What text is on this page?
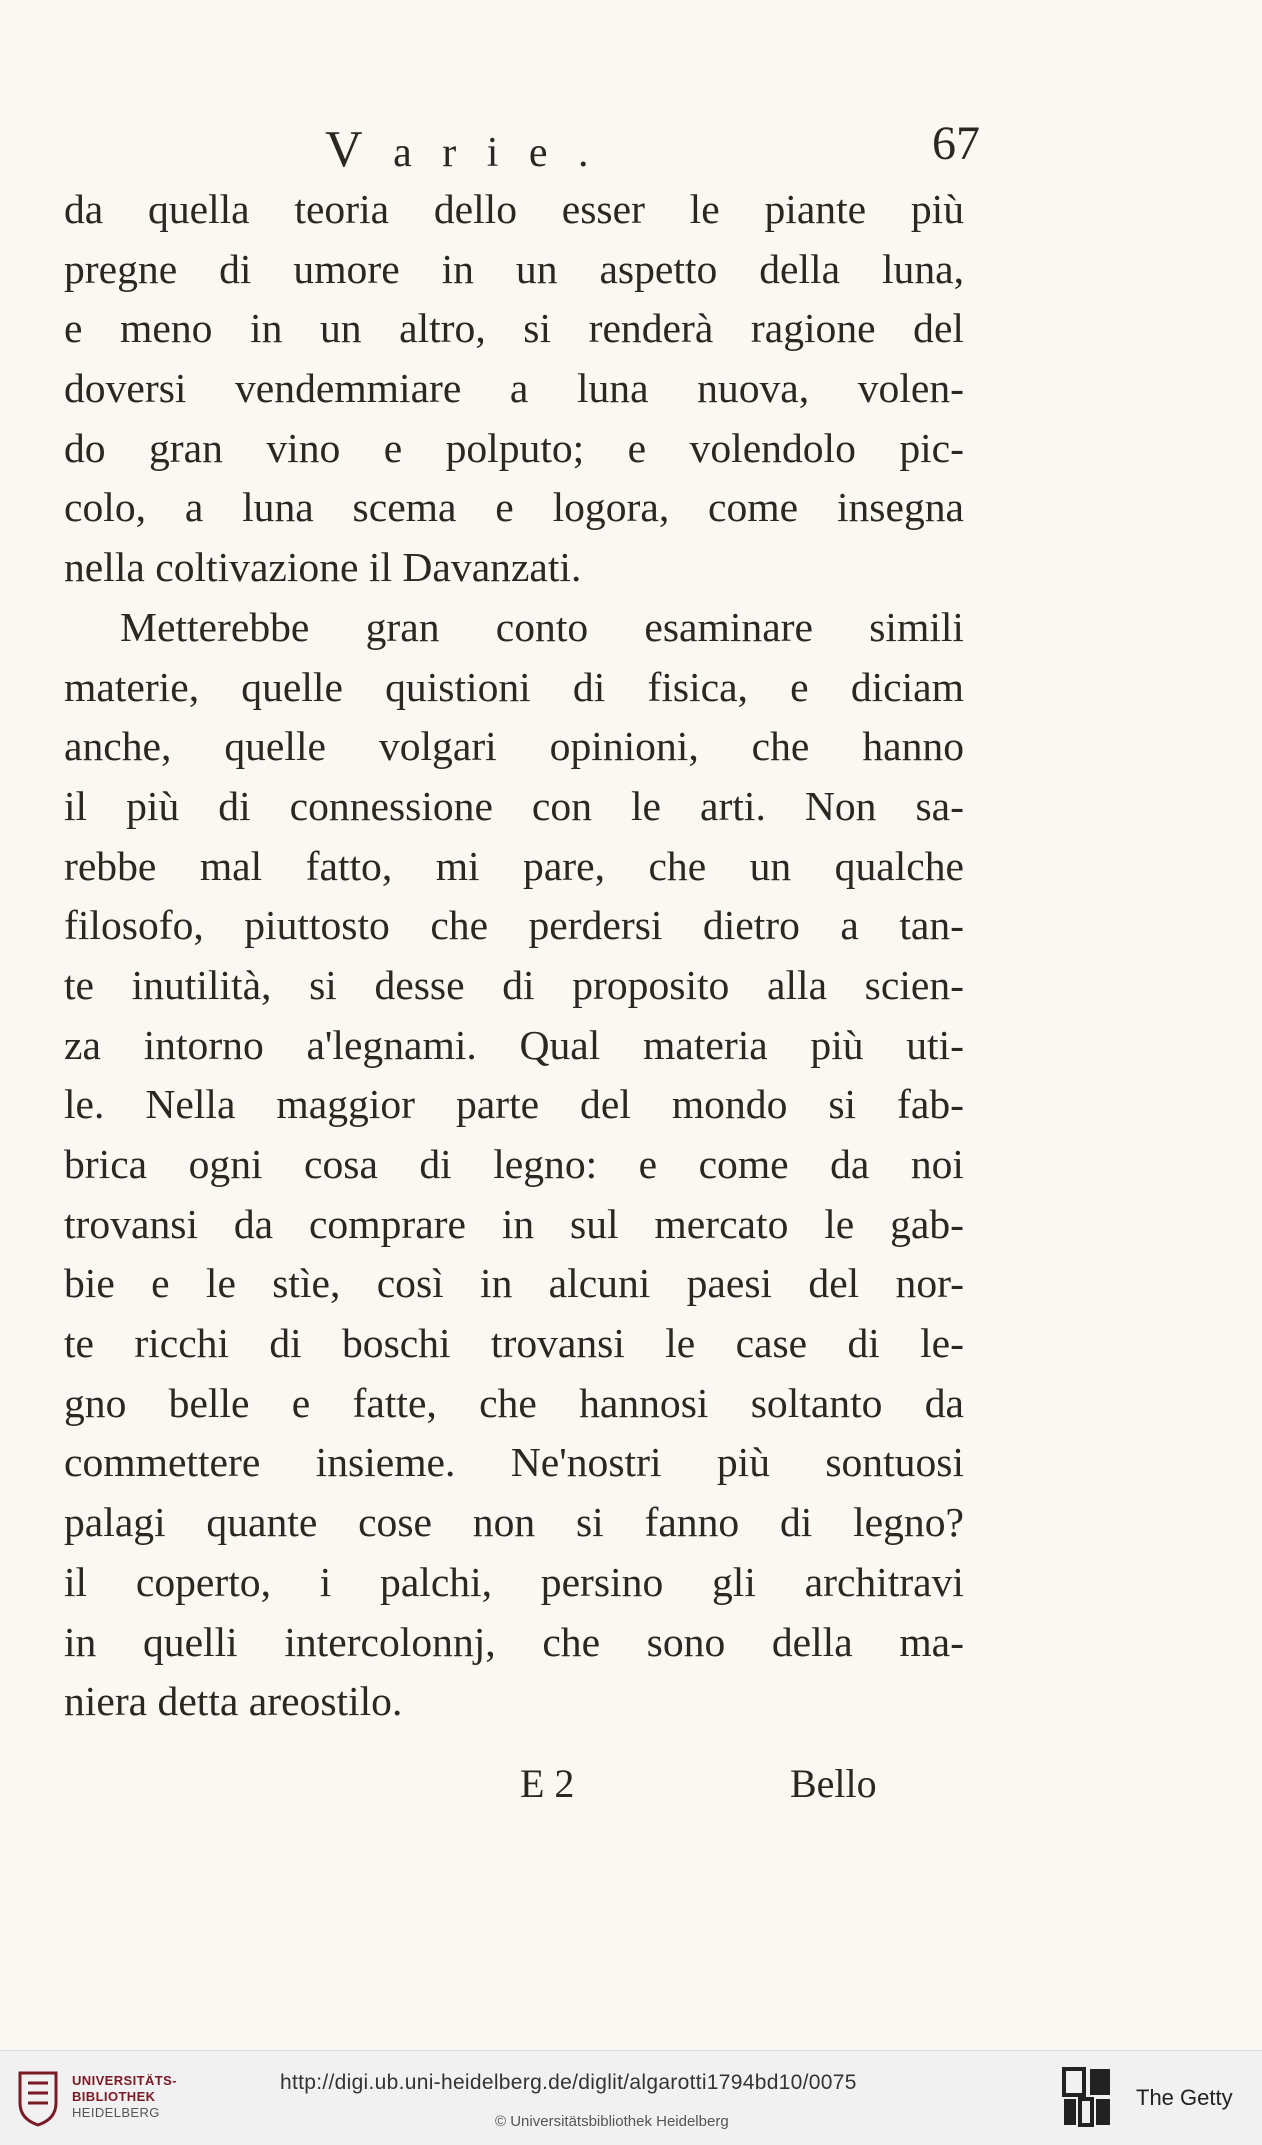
V a r i e .	67
da quella teoria dello esser le piante più
pregne di umore in un aspetto della luna,
e meno in un altro, si renderà ragione del
doversi vendemmiare a luna nuova, volen-
do gran vino e polputo; e volendolo pic-
colo, a luna scema e logora, come insegna
nella coltivazione il Davanzati.
Metterebbe gran conto esaminare simili
materie, quelle quistioni di fisica, e diciam
anche, quelle volgari opinioni, che hanno
il più di connessione con le arti. Non sa-
rebbe mal fatto, mi pare, che un qualche
filosofo, piuttosto che perdersi dietro a tan-
te inutilità, si desse di proposito alla scien-
za intorno a'legnami. Qual materia più uti-
le. Nella maggior parte del mondo si fab-
brica ogni cosa di legno: e come da noi
trovansi da comprare in sul mercato le gab-
bie e le stìe, così in alcuni paesi del nor-
te ricchi di boschi trovansi le case di le-
gno belle e fatte, che hannosi soltanto da
commettere insieme. Ne'nostri più sontuosi
palagi quante cose non si fanno di legno?
il coperto, i palchi, persino gli architravi
in quelli intercolonnj, che sono della ma-
niera detta areostilo.
E 2	Bello
UNIVERSITÄTS-
BIBLIOTHEK
HEIDELBERG
http://digi.ub.uni-heidelberg.de/diglit/algarotti1794bd10/0075
© Universitätsbibliothek Heidelberg
The Getty
